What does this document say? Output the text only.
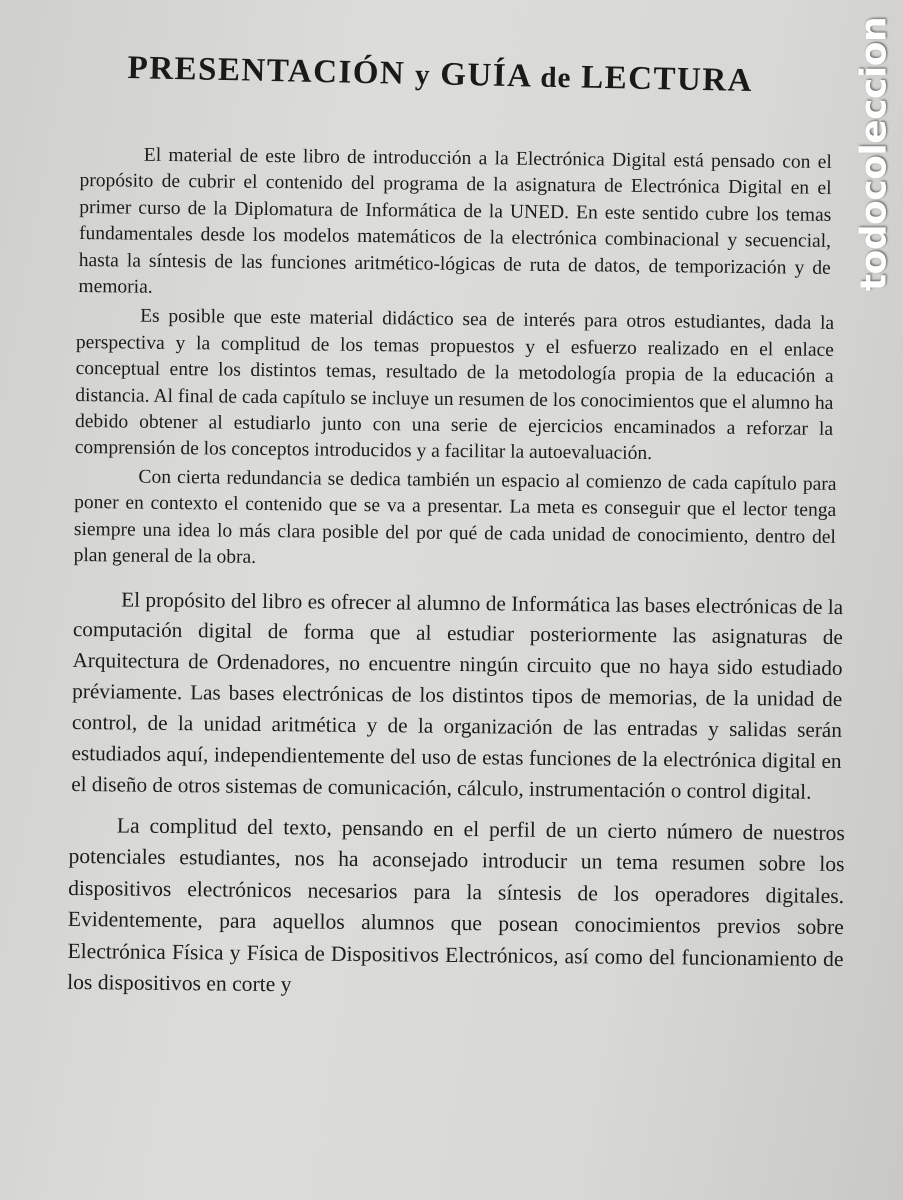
PRESENTACIÓN y GUÍA de LECTURA

El material de este libro de introducción a la Electrónica Digital está pensado con el propósito de cubrir el contenido del programa de la asignatura de Electrónica Digital en el primer curso de la Diplomatura de Informática de la UNED. En este sentido cubre los temas fundamentales desde los modelos matemáticos de la electrónica combinacional y secuencial, hasta la síntesis de las funciones aritmético-lógicas de ruta de datos, de temporización y de memoria.

Es posible que este material didáctico sea de interés para otros estudiantes, dada la perspectiva y la complitud de los temas propuestos y el esfuerzo realizado en el enlace conceptual entre los distintos temas, resultado de la metodología propia de la educación a distancia. Al final de cada capítulo se incluye un resumen de los conocimientos que el alumno ha debido obtener al estudiarlo junto con una serie de ejercicios encaminados a reforzar la comprensión de los conceptos introducidos y a facilitar la autoevaluación.

Con cierta redundancia se dedica también un espacio al comienzo de cada capítulo para poner en contexto el contenido que se va a presentar. La meta es conseguir que el lector tenga siempre una idea lo más clara posible del por qué de cada unidad de conocimiento, dentro del plan general de la obra.

El propósito del libro es ofrecer al alumno de Informática las bases electrónicas de la computación digital de forma que al estudiar posteriormente las asignaturas de Arquitectura de Ordenadores, no encuentre ningún circuito que no haya sido estudiado préviamente. Las bases electrónicas de los distintos tipos de memorias, de la unidad de control, de la unidad aritmética y de la organización de las entradas y salidas serán estudiados aquí, independientemente del uso de estas funciones de la electrónica digital en el diseño de otros sistemas de comunicación, cálculo, instrumentación o control digital.

La complitud del texto, pensando en el perfil de un cierto número de nuestros potenciales estudiantes, nos ha aconsejado introducir un tema resumen sobre los dispositivos electrónicos necesarios para la síntesis de los operadores digitales. Evidentemente, para aquellos alumnos que posean conocimientos previos sobre Electrónica Física y Física de Dispositivos Electrónicos, así como del funcionamiento de los dispositivos en corte y

todocoleccion
